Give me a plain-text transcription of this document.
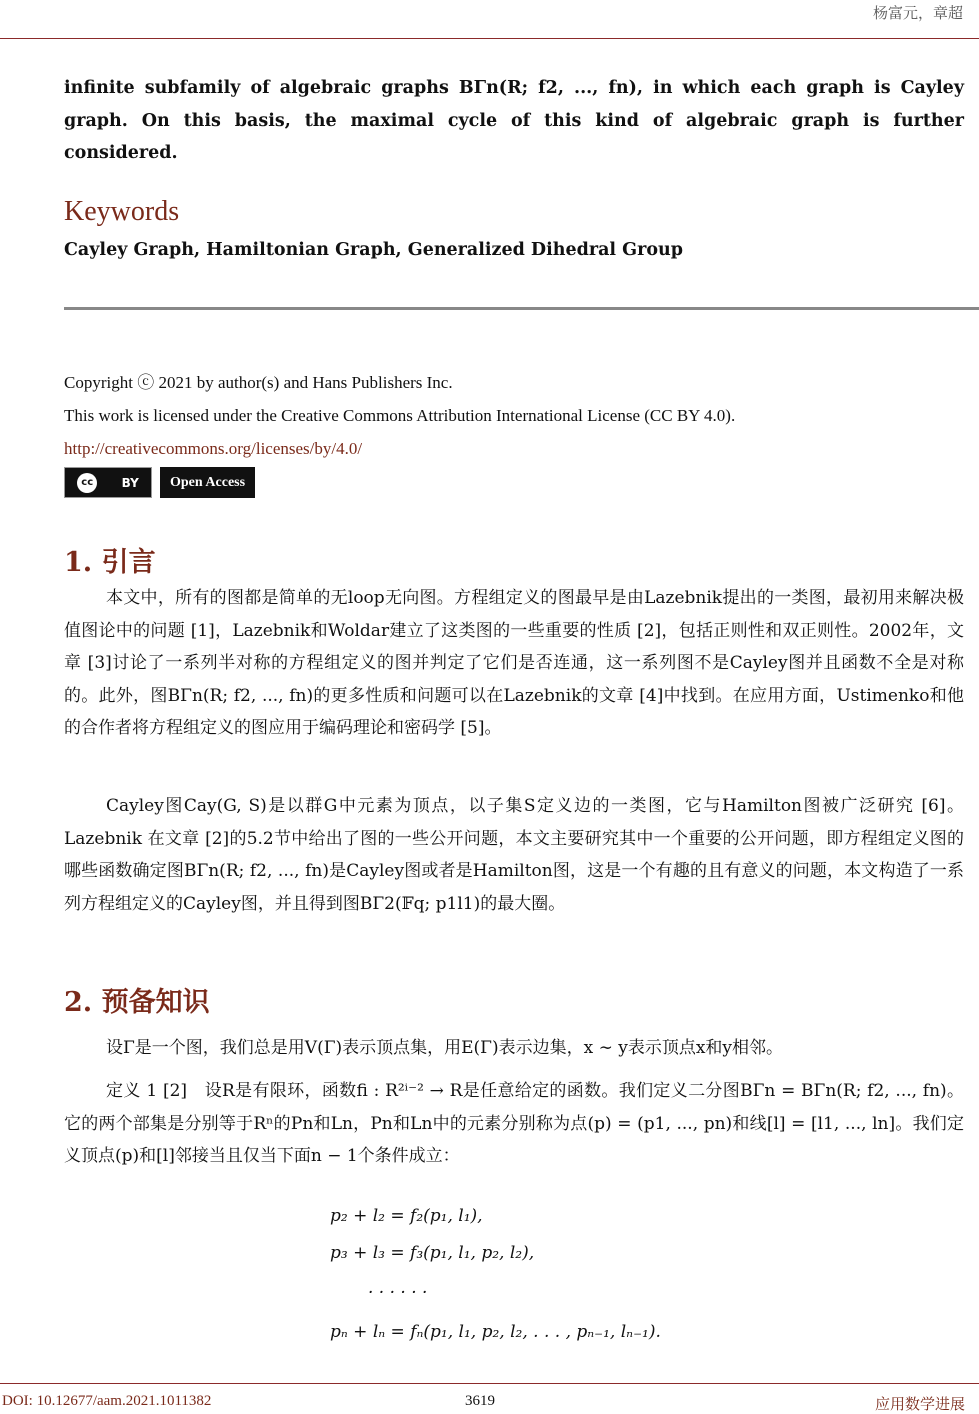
杨富元，章超
infinite subfamily of algebraic graphs BΓn(R; f2, ..., fn), in which each graph is Cayley graph. On this basis, the maximal cycle of this kind of algebraic graph is further considered.
Keywords
Cayley Graph, Hamiltonian Graph, Generalized Dihedral Group
Copyright ⓒ 2021 by author(s) and Hans Publishers Inc.
This work is licensed under the Creative Commons Attribution International License (CC BY 4.0).
http://creativecommons.org/licenses/by/4.0/
cc	BY	Open Access
1. 引言
本文中，所有的图都是简单的无loop无向图。方程组定义的图最早是由Lazebnik提出的一类图，最初用来解决极值图论中的问题 [1]，Lazebnik和Woldar建立了这类图的一些重要的性质 [2]，包括正则性和双正则性。2002年，文章 [3]讨论了一系列半对称的方程组定义的图并判定了它们是否连通，这一系列图不是Cayley图并且函数不全是对称的。此外，图BΓn(R; f2, ..., fn)的更多性质和问题可以在Lazebnik的文章 [4]中找到。在应用方面，Ustimenko和他的合作者将方程组定义的图应用于编码理论和密码学 [5]。
Cayley图Cay(G, S)是以群G中元素为顶点，以子集S定义边的一类图，它与Hamilton图被广泛研究 [6]。Lazebnik 在文章 [2]的5.2节中给出了图的一些公开问题，本文主要研究其中一个重要的公开问题，即方程组定义图的哪些函数确定图BΓn(R; f2, ..., fn)是Cayley图或者是Hamilton图，这是一个有趣的且有意义的问题，本文构造了一系列方程组定义的Cayley图，并且得到图BΓ2(𝔽q; p1l1)的最大圈。
2. 预备知识
设Γ是一个图，我们总是用V(Γ)表示顶点集，用E(Γ)表示边集，x ∼ y表示顶点x和y相邻。
定义 1 [2]　设R是有限环，函数fi : R²ⁱ⁻² → R是任意给定的函数。我们定义二分图BΓn = BΓn(R; f2, ..., fn)。它的两个部集是分别等于Rⁿ的Pn和Ln，Pn和Ln中的元素分别称为点(p) = (p1, ..., pn)和线[l] = [l1, ..., ln]。我们定义顶点(p)和[l]邻接当且仅当下面n − 1个条件成立：
p₂ + l₂ = f₂(p₁, l₁),
p₃ + l₃ = f₃(p₁, l₁, p₂, l₂),
· · · · · ·
pₙ + lₙ = fₙ(p₁, l₁, p₂, l₂, . . . , pₙ₋₁, lₙ₋₁).
DOI: 10.12677/aam.2021.1011382	3619	应用数学进展
